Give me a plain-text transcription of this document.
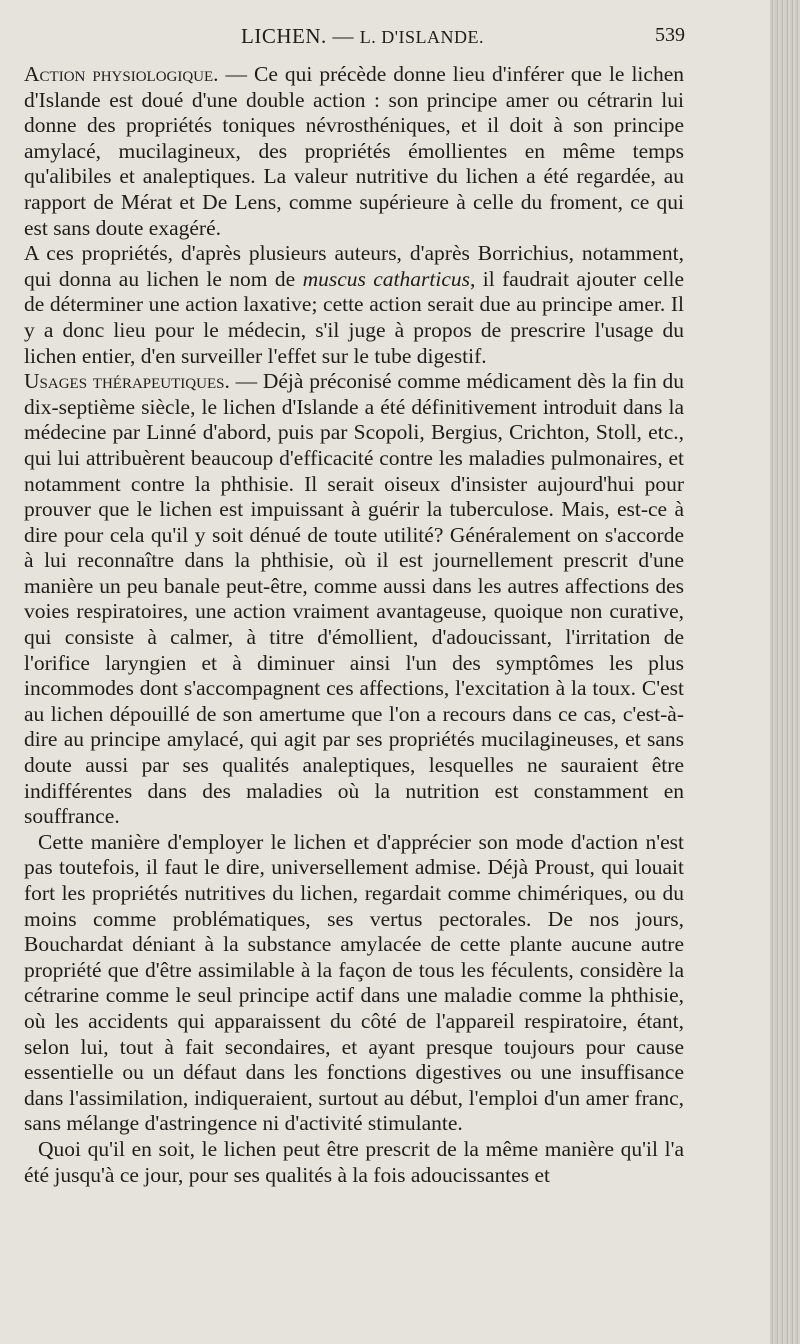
LICHEN. — L. D'ISLANDE.	539

Action physiologique. — Ce qui précède donne lieu d'inférer que le lichen d'Islande est doué d'une double action : son principe amer ou cétrarin lui donne des propriétés toniques névrosthéniques, et il doit à son principe amylacé, mucilagineux, des propriétés émollientes en même temps qu'alibiles et analeptiques. La valeur nutritive du lichen a été regardée, au rapport de Mérat et De Lens, comme supérieure à celle du froment, ce qui est sans doute exagéré.

A ces propriétés, d'après plusieurs auteurs, d'après Borrichius, notamment, qui donna au lichen le nom de muscus catharticus, il faudrait ajouter celle de déterminer une action laxative; cette action serait due au principe amer. Il y a donc lieu pour le médecin, s'il juge à propos de prescrire l'usage du lichen entier, d'en surveiller l'effet sur le tube digestif.

Usages thérapeutiques. — Déjà préconisé comme médicament dès la fin du dix-septième siècle, le lichen d'Islande a été définitivement introduit dans la médecine par Linné d'abord, puis par Scopoli, Bergius, Crichton, Stoll, etc., qui lui attribuèrent beaucoup d'efficacité contre les maladies pulmonaires, et notamment contre la phthisie. Il serait oiseux d'insister aujourd'hui pour prouver que le lichen est impuissant à guérir la tuberculose. Mais, est-ce à dire pour cela qu'il y soit dénué de toute utilité? Généralement on s'accorde à lui reconnaître dans la phthisie, où il est journellement prescrit d'une manière un peu banale peut-être, comme aussi dans les autres affections des voies respiratoires, une action vraiment avantageuse, quoique non curative, qui consiste à calmer, à titre d'émollient, d'adoucissant, l'irritation de l'orifice laryngien et à diminuer ainsi l'un des symptômes les plus incommodes dont s'accompagnent ces affections, l'excitation à la toux. C'est au lichen dépouillé de son amertume que l'on a recours dans ce cas, c'est-à-dire au principe amylacé, qui agit par ses propriétés mucilagineuses, et sans doute aussi par ses qualités analeptiques, lesquelles ne sauraient être indifférentes dans des maladies où la nutrition est constamment en souffrance.

Cette manière d'employer le lichen et d'apprécier son mode d'action n'est pas toutefois, il faut le dire, universellement admise. Déjà Proust, qui louait fort les propriétés nutritives du lichen, regardait comme chimériques, ou du moins comme problématiques, ses vertus pectorales. De nos jours, Bouchardat déniant à la substance amylacée de cette plante aucune autre propriété que d'être assimilable à la façon de tous les féculents, considère la cétrarine comme le seul principe actif dans une maladie comme la phthisie, où les accidents qui apparaissent du côté de l'appareil respiratoire, étant, selon lui, tout à fait secondaires, et ayant presque toujours pour cause essentielle ou un défaut dans les fonctions digestives ou une insuffisance dans l'assimilation, indiqueraient, surtout au début, l'emploi d'un amer franc, sans mélange d'astringence ni d'activité stimulante.

Quoi qu'il en soit, le lichen peut être prescrit de la même manière qu'il l'a été jusqu'à ce jour, pour ses qualités à la fois adoucissantes et
